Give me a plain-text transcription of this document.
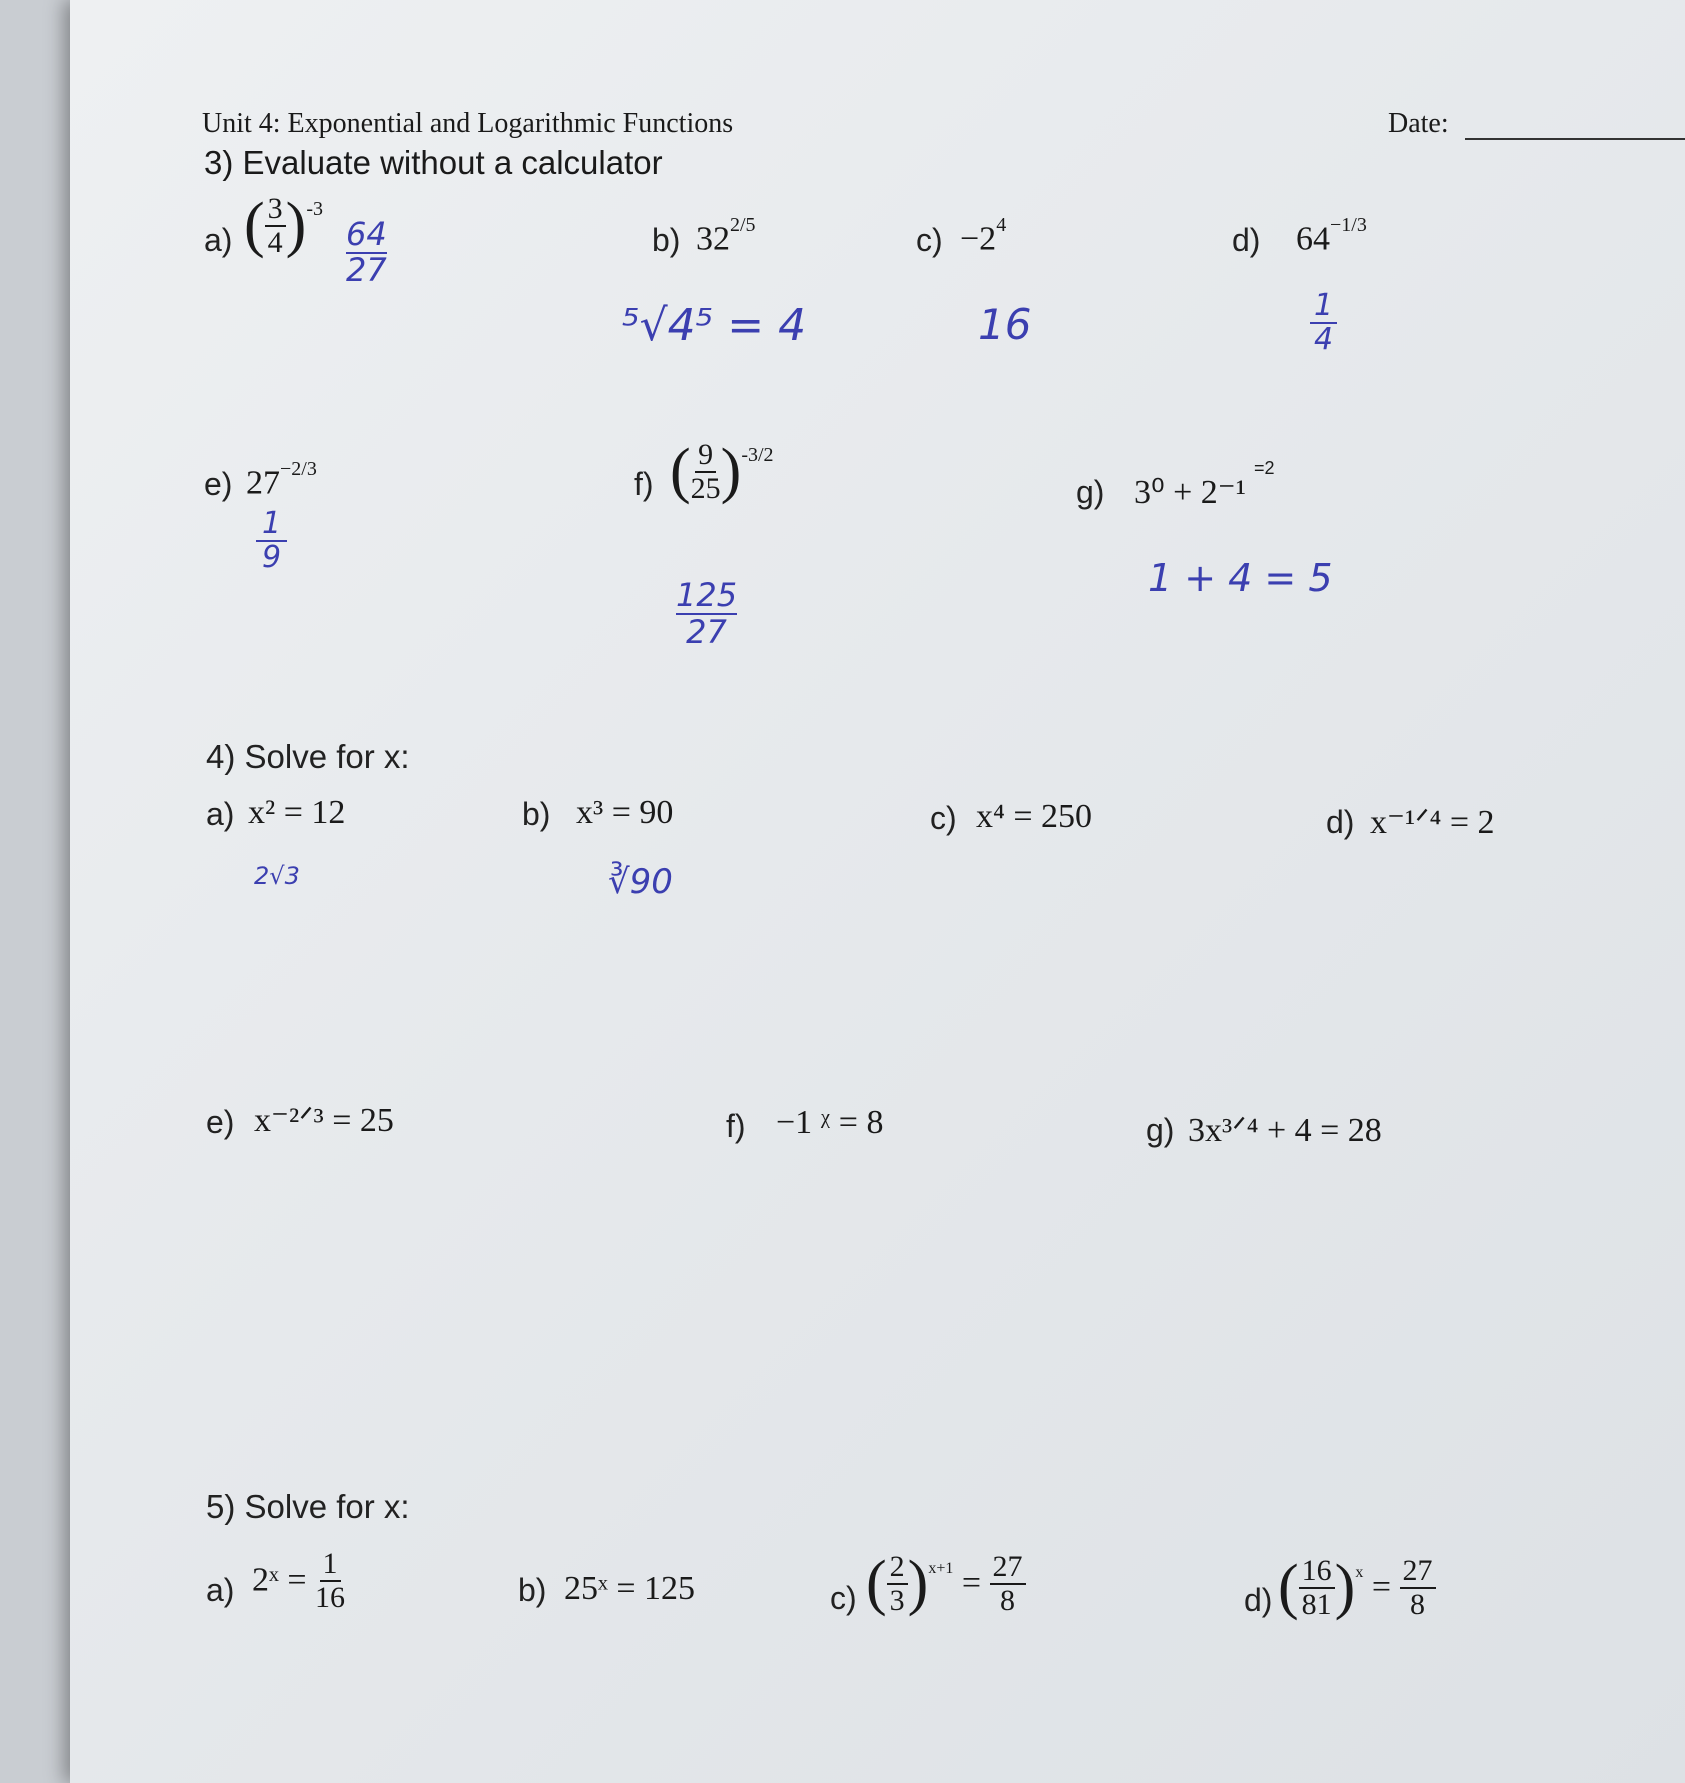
Unit 4: Exponential and Logarithmic Functions	Date:
3) Evaluate without a calculator
a) ( $\frac{3}{4} )^{-3}$
$\frac{64}{27}$	b) $32^{2/5}$
⁵√4⁵ = 4
$c) -2^4$
16
d) $64^{-1/3}$
$\frac{1}{4}$
e) $27^{-2/3}$
$\frac{1}{9}$
f) ( $\frac{9}{25} )^{-3/2}$
$\frac{125}{27}$
g) 3⁰ + 2⁻¹
=2
1 + 4 = 5
4) Solve for x:
a) x² = 12
2√3
b) x³ = 90
∛90
c) x⁴ = 250	d) x⁻¹ᐟ⁴ = 2
e) x⁻²ᐟ³ = 25	f) −1 ᵡ = 8	g) 3x³ᐟ⁴ + 4 = 28
5) Solve for x:
a) 2ˣ = $\frac{1}{16}$	b) 25ˣ = 125	c) ( $\frac{2}{3} )^{x+1} = \frac{27}{8}$	d) ( $\frac{16}{81} )^x = \frac{27}{8}$
